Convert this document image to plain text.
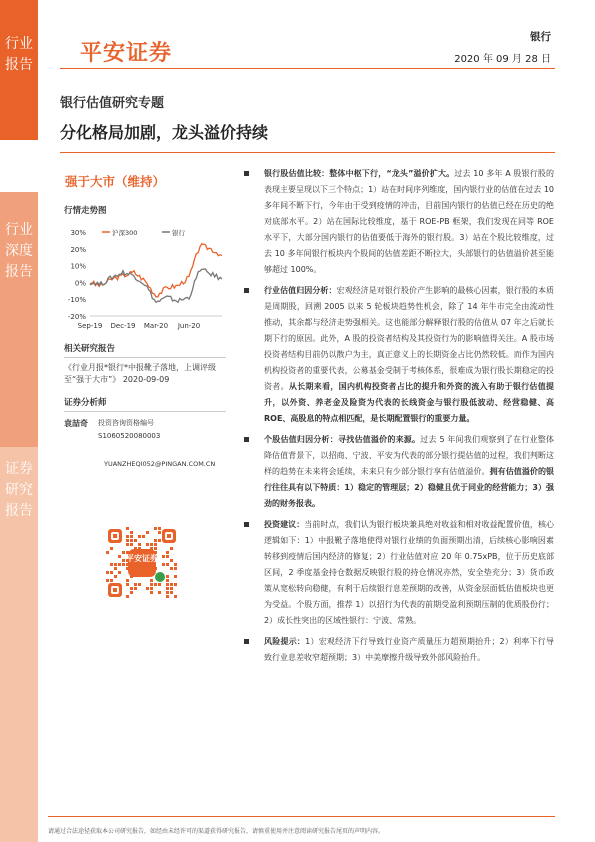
行业报告
行业深度报告
证券研究报告
平安证券
银行
2020 年 09 月 28 日
银行估值研究专题
分化格局加剧，龙头溢价持续
强于大市（维持）
行情走势图
30%
20%
10%
0%
-10%
-20%
Sep-19 Dec-19 Mar-20 Jun-20
沪深300	银行
相关研究报告
《行业月报*银行*中报靴子落地，上调评级至“强于大市”》 2020-09-09
证券分析师
袁喆奇 投资咨询资格编号
S1060520080003
YUANZHEQI052@PINGAN.COM.CN
平安证券
银行股估值比较：整体中枢下行，“龙头”溢价扩大。过去 10 多年 A 股银行股的表现主要呈现以下三个特点；1）站在时间序列维度，国内银行业的估值在过去 10 多年间不断下行，今年由于受到疫情的冲击，目前国内银行的估值已经在历史的绝对底部水平。2）站在国际比较维度，基于 ROE-PB 框架，我们发现在同等 ROE 水平下，大部分国内银行的估值要低于海外的银行股。3）站在个股比较维度，过去 10 多年间银行板块内个股间的估值差距不断拉大，头部银行的估值溢价甚至能够超过 100%。
行业估值归因分析：宏观经济是对银行股价产生影响的最核心因素，银行股的本质是周期股，回溯 2005 以来 5 轮板块趋势性机会，除了 14 年牛市完全由流动性推动，其余都与经济走势强相关。这也能部分解释银行股的估值从 07 年之后就长期下行的原因。此外，A 股的投资者结构及其投资行为的影响值得关注。A 股市场投资者结构目前仍以散户为主，真正意义上的长期资金占比仍然较低。而作为国内机构投资者的重要代表，公募基金受制于考核体系，很难成为银行股长期稳定的投资者。从长期来看，国内机构投资者占比的提升和外资的流入有助于银行估值提升，以外资、养老金及险资为代表的长线资金与银行股低波动、经营稳健、高 ROE、高股息的特点相匹配，是长期配置银行的重要力量。
个股估值归因分析：寻找估值溢价的来源。过去 5 年间我们观察到了在行业整体降估值背景下，以招商、宁波、平安为代表的部分银行提估值的过程，我们判断这样的趋势在未来将会延续，未来只有少部分银行享有估值溢价。拥有估值溢价的银行往往具有以下特质：1）稳定的管理层；2）稳健且优于同业的经营能力；3）强劲的财务报表。
投资建议：当前时点，我们认为银行板块兼具绝对收益和相对收益配置价值，核心逻辑如下：1）中报靴子落地使得对银行业绩的负面预期出清，后续核心影响因素转移到疫情后国内经济的修复；2）行业估值对应 20 年 0.75xPB，位于历史底部区间，2 季度基金持仓数据反映银行股的持仓情况亦然，安全垫充分；3）货币政策从宽松转向稳健，有利于后续银行息差预期的改善，从资金层面低估值板块也更为受益。个股方面，推荐 1）以招行为代表的前期受盈利预期压制的优质股份行；2）成长性突出的区域性银行：宁波、常熟。
风险提示：1）宏观经济下行导致行业资产质量压力超预期抬升；2）利率下行导致行业息差收窄超预期；3）中美摩擦升级导致外部风险抬升。
请通过合法途径获取本公司研究报告，如经由未经许可的渠道获得研究报告，请慎重使用并注意阅读研究报告尾页的声明内容。
